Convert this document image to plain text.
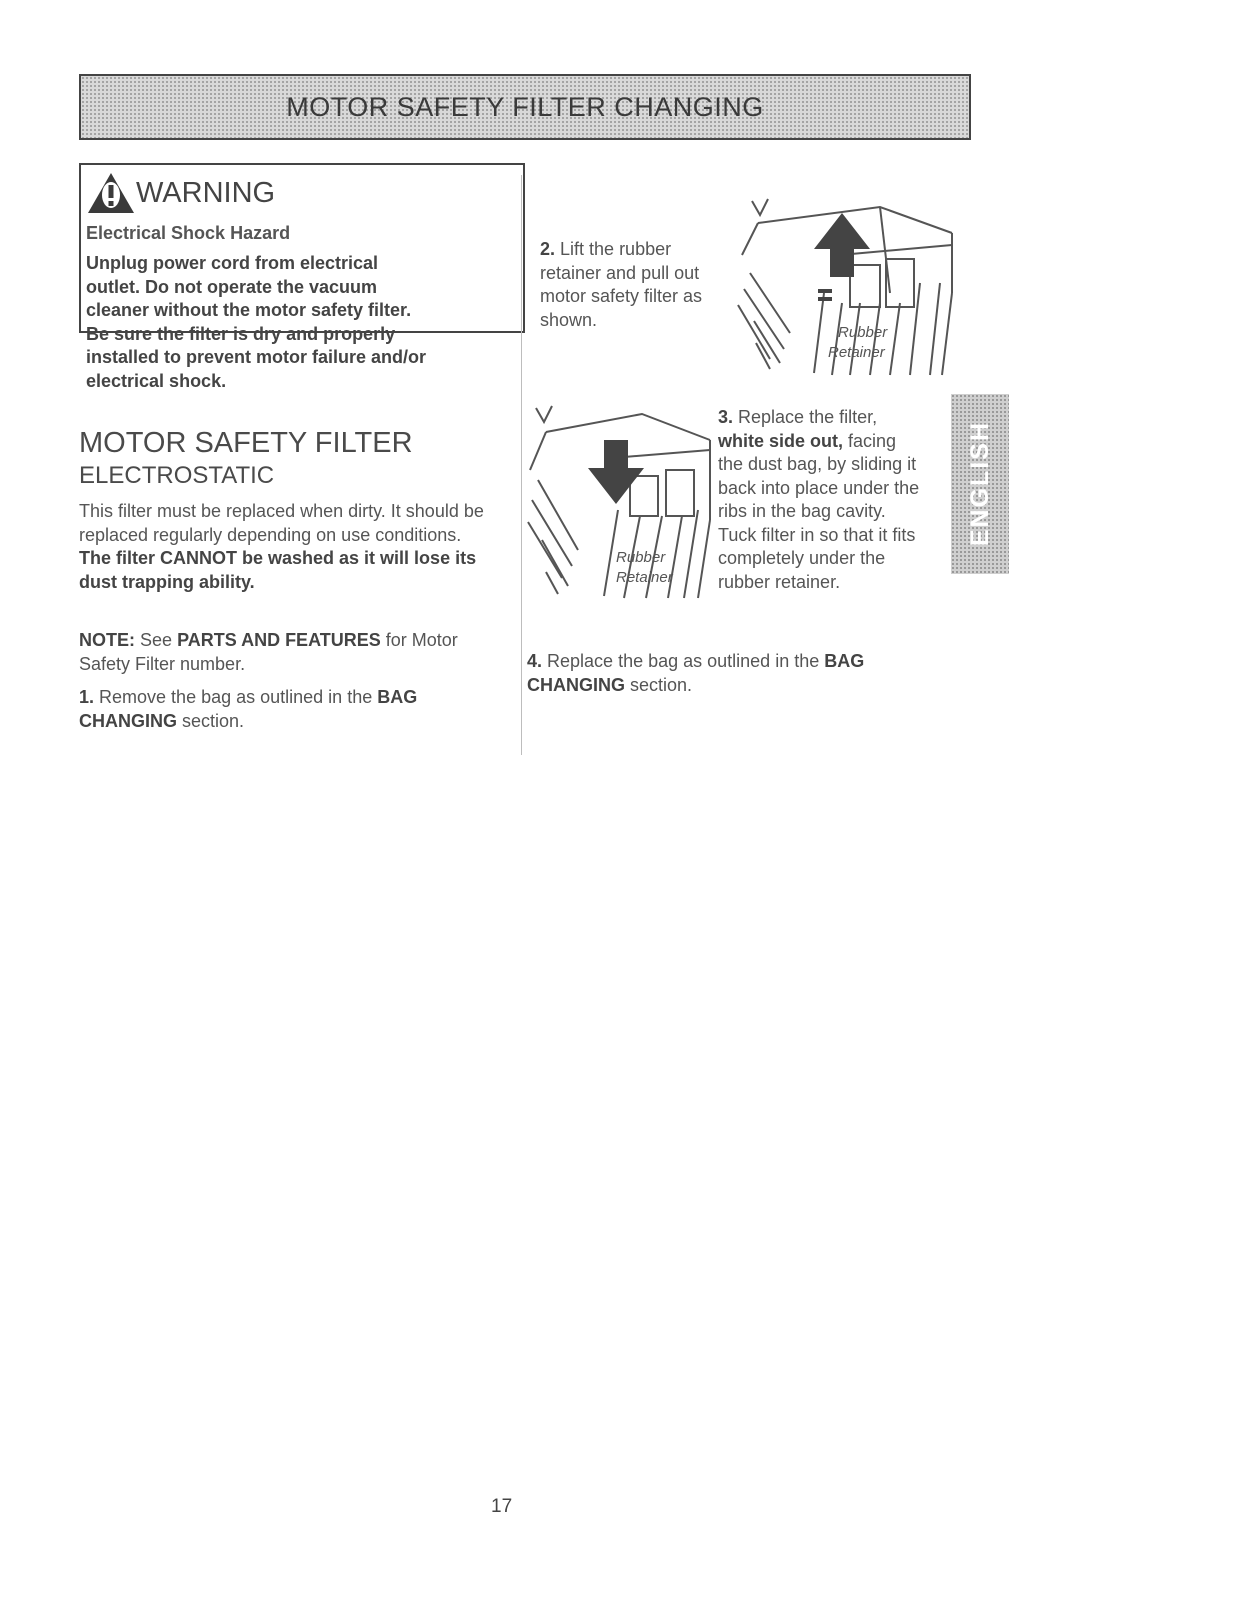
MOTOR SAFETY FILTER CHANGING
WARNING
Electrical Shock Hazard
Unplug power cord from electrical
outlet. Do not operate the vacuum
cleaner without the motor safety filter.
Be sure the filter is dry and properly
installed to prevent motor failure and/or
electrical shock.
MOTOR SAFETY FILTER
ELECTROSTATIC
This filter must be replaced when dirty. It should be replaced regularly depending on use conditions. The filter CANNOT be washed as it will lose its dust trapping ability.
NOTE: See PARTS AND FEATURES for Motor Safety Filter number.
1. Remove the bag as outlined in the BAG CHANGING section.
2. Lift the rubber retainer and pull out motor safety filter as shown.
Rubber
Retainer
Rubber
Retainer
3. Replace the filter, white side out, facing the dust bag, by sliding it back into place under the ribs in the bag cavity. Tuck filter in so that it fits completely under the rubber retainer.
4. Replace the bag as outlined in the BAG CHANGING section.
ENGLISH
17
